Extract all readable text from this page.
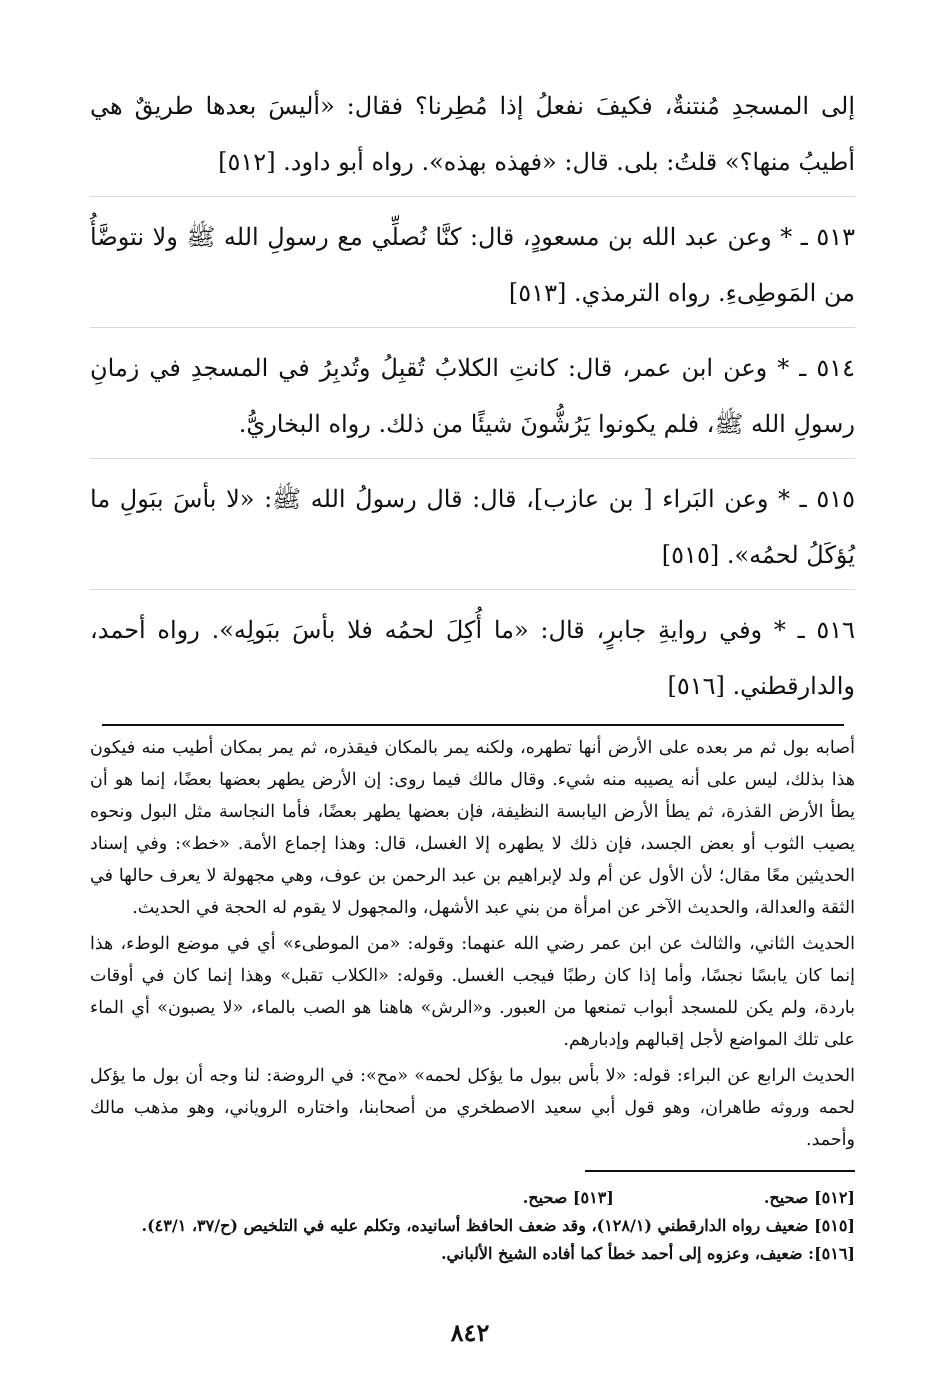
إلى المسجدِ مُنتنةٌ، فكيفَ نفعلُ إذا مُطِرنا؟ فقال: «أليسَ بعدها طريقٌ هي أطيبُ منها؟» قلتُ: بلى. قال: «فهذه بهذه». رواه أبو داود. [٥١٢]

٥١٣ ـ * وعن عبد الله بن مسعودٍ، قال: كنَّا نُصلِّي مع رسولِ الله ﷺ ولا نتوضَّأُ من المَوطِىءِ. رواه الترمذي. [٥١٣]

٥١٤ ـ * وعن ابن عمر، قال: كانتِ الكلابُ تُقبِلُ وتُدبِرُ في المسجدِ في زمانِ رسولِ الله ﷺ، فلم يكونوا يَرُشُّونَ شيئًا من ذلك. رواه البخاريُّ.

٥١٥ ـ * وعن البَراء [ بن عازب]، قال: قال رسولُ الله ﷺ: «لا بأسَ ببَولِ ما يُؤكَلُ لحمُه». [٥١٥]

٥١٦ ـ * وفي روايةِ جابرٍ، قال: «ما أُكِلَ لحمُه فلا بأسَ ببَولِه». رواه أحمد، والدارقطني. [٥١٦]

أصابه بول ثم مر بعده على الأرض أنها تطهره، ولكنه يمر بالمكان فيقذره، ثم يمر بمكان أطيب منه فيكون هذا بذلك، ليس على أنه يصيبه منه شيء. وقال مالك فيما روى: إن الأرض يطهر بعضها بعضًا، إنما هو أن يطأ الأرض القذرة، ثم يطأ الأرض اليابسة النظيفة، فإن بعضها يطهر بعضًا، فأما النجاسة مثل البول ونحوه يصيب الثوب أو بعض الجسد، فإن ذلك لا يطهره إلا الغسل، قال: وهذا إجماع الأمة. «خط»: وفي إسناد الحديثين معًا مقال؛ لأن الأول عن أم ولد لإبراهيم بن عبد الرحمن بن عوف، وهي مجهولة لا يعرف حالها في الثقة والعدالة، والحديث الآخر عن امرأة من بني عبد الأشهل، والمجهول لا يقوم له الحجة في الحديث.

الحديث الثاني، والثالث عن ابن عمر رضي الله عنهما: وقوله: «من الموطىء» أي في موضع الوطء، هذا إنما كان يابسًا نجسًا، وأما إذا كان رطبًا فيجب الغسل. وقوله: «الكلاب تقبل» وهذا إنما كان في أوقات باردة، ولم يكن للمسجد أبواب تمنعها من العبور. و«الرش» هاهنا هو الصب بالماء، «لا يصبون» أي الماء على تلك المواضع لأجل إقبالهم وإدبارهم.

الحديث الرابع عن البراء: قوله: «لا بأس ببول ما يؤكل لحمه» «مح»: في الروضة: لنا وجه أن بول ما يؤكل لحمه وروثه طاهران، وهو قول أبي سعيد الاصطخري من أصحابنا، واختاره الروياني، وهو مذهب مالك وأحمد.

[٥١٢] صحيح.
[٥١٣] صحيح.

[٥١٥] ضعيف رواه الدارقطني (١٢٨/١)، وقد ضعف الحافظ أسانيده، وتكلم عليه في التلخيص (ح/٣٧، ٤٣/١).

[٥١٦]: ضعيف، وعزوه إلى أحمد خطأ كما أفاده الشيخ الألباني.

٨٤٢
